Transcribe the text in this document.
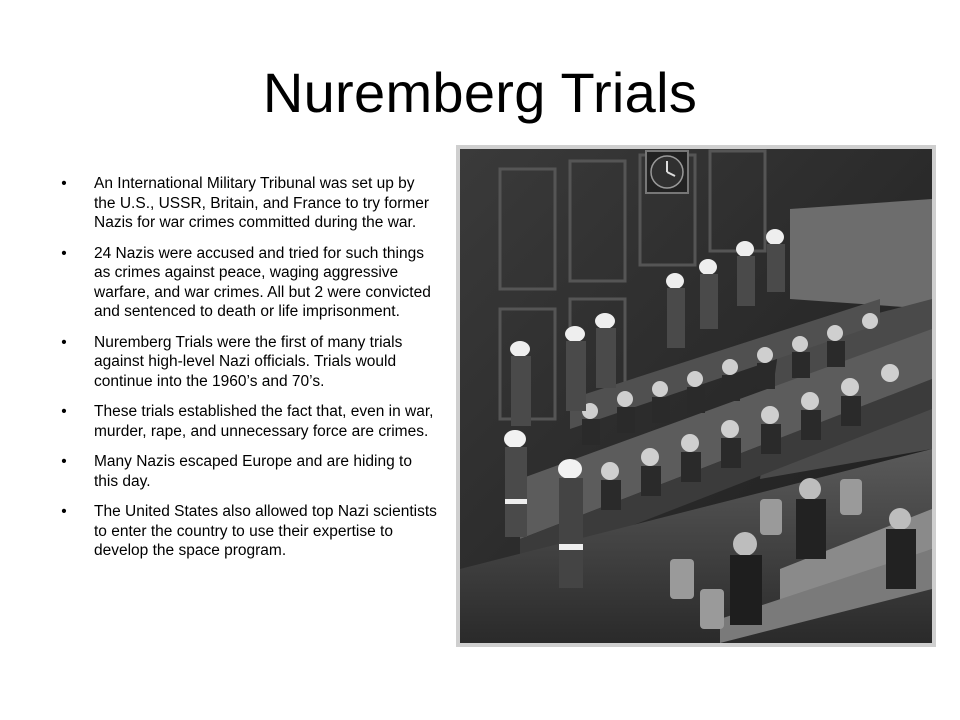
Nuremberg Trials
• An International Military Tribunal was set up by the U.S., USSR, Britain, and France to try former Nazis for war crimes committed during the war.
• 24 Nazis were accused and tried for such things as crimes against peace, waging aggressive warfare, and war crimes. All but 2 were convicted and sentenced to death or life imprisonment.
• Nuremberg Trials were the first of many trials against high-level Nazi officials. Trials would continue into the 1960’s and 70’s.
• These trials established the fact that, even in war, murder, rape, and unnecessary force are crimes.
• Many Nazis escaped Europe and are hiding to this day.
• The United States also allowed top Nazi scientists to enter the country to use their expertise to develop the space program.
